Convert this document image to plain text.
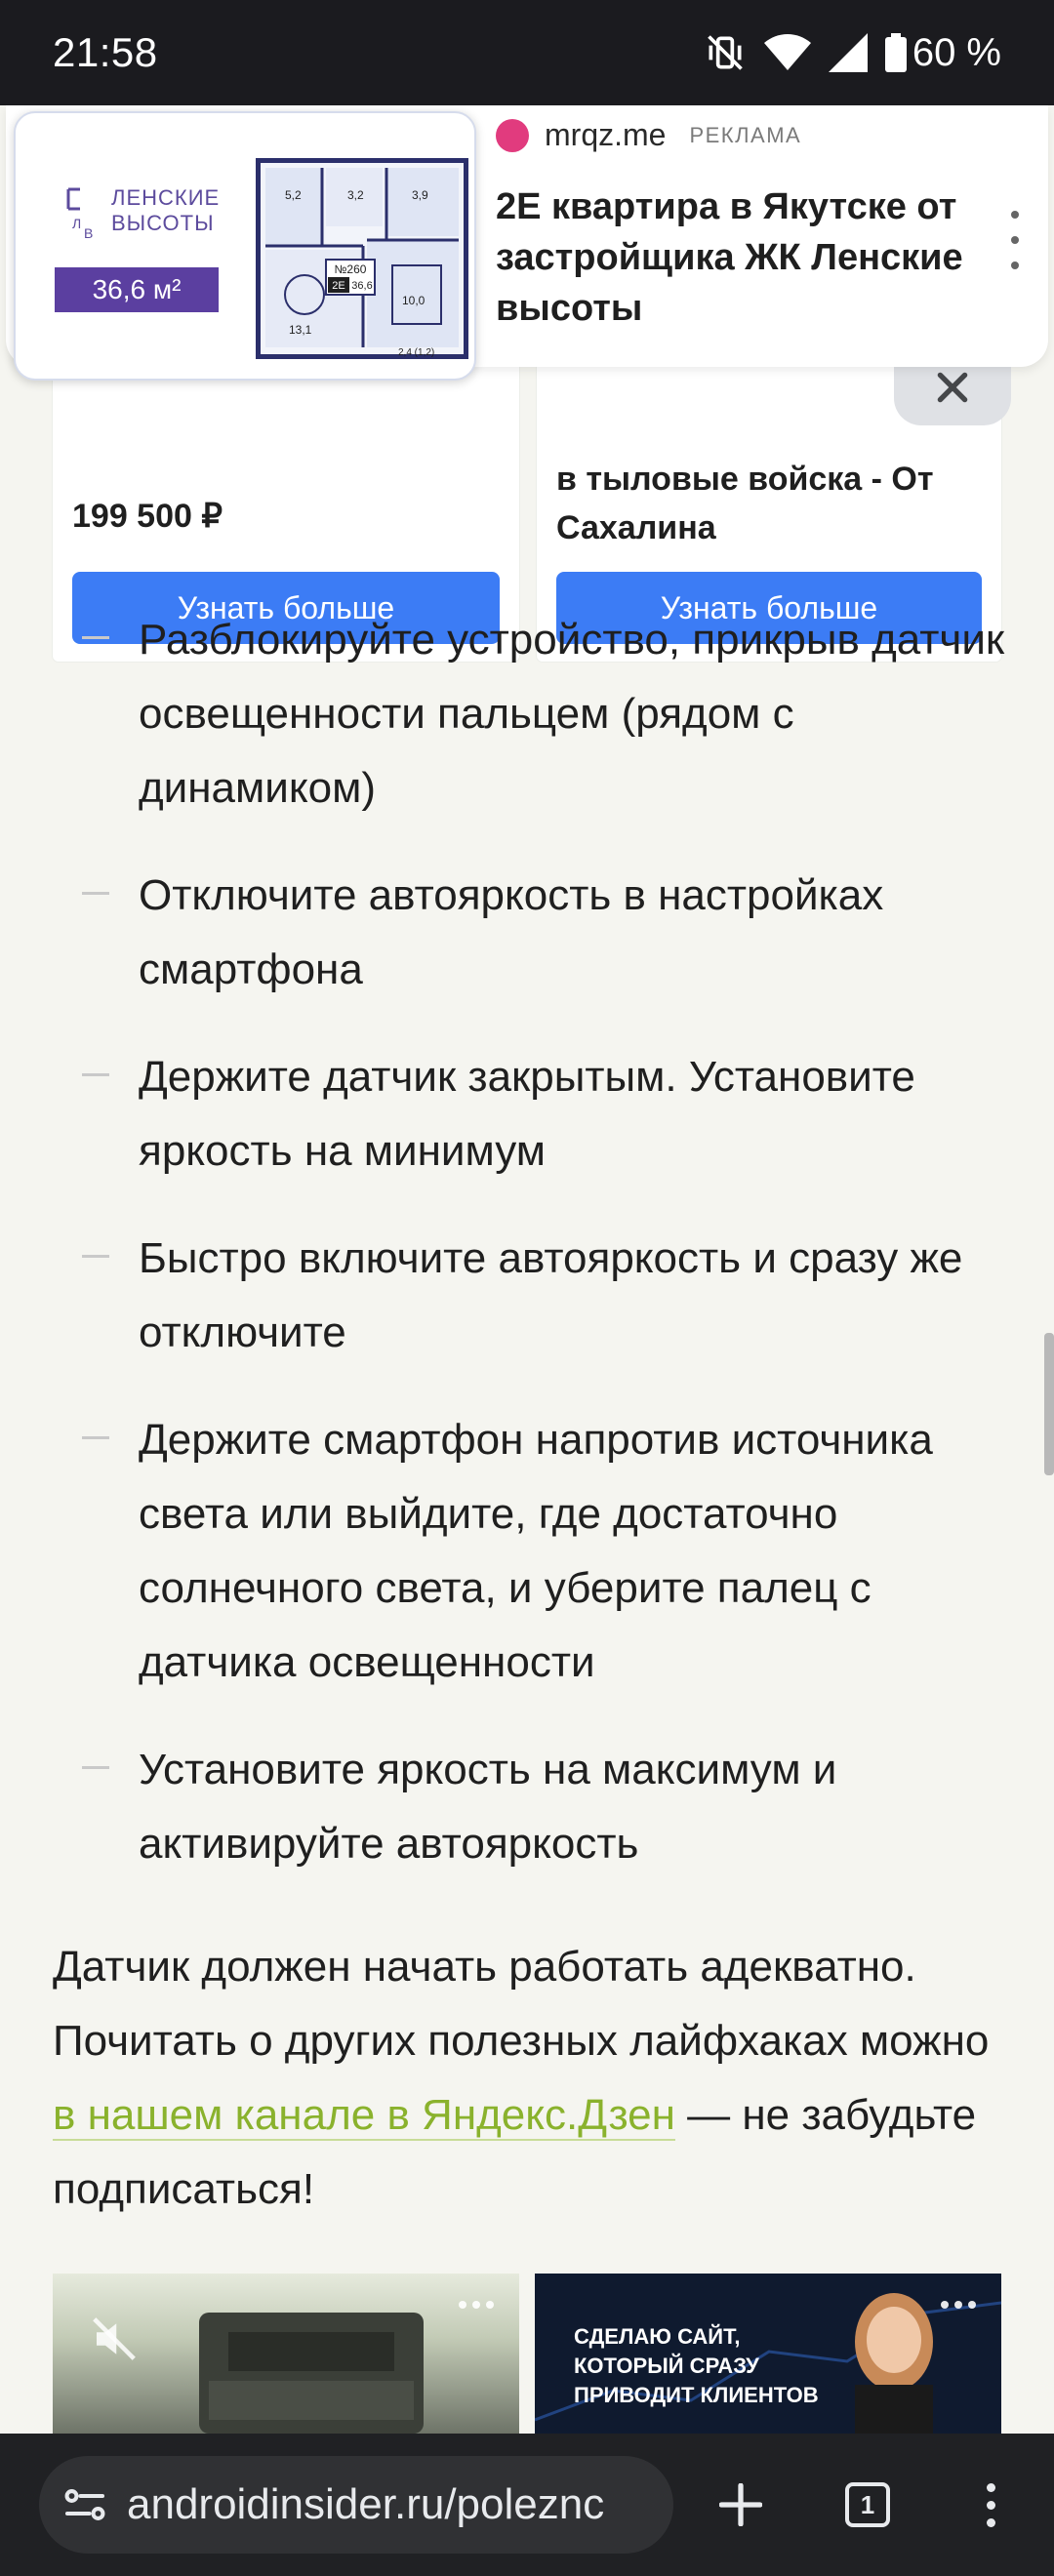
21:58	60 %
199 500 ₽
Узнать больше
в тыловые войска - От Сахалина
Узнать больше
Л
В
ЛЕНСКИЕ ВЫСОТЫ
36,6 м²
№260
2Е 36,6
5,2	3,2	3,9
13,1
10,0
2,4 (1,2)
mrqz.me РЕКЛАМА
2Е квартира в Якутске от застройщика ЖК Ленские высоты
Разблокируйте устройство, прикрыв датчик освещенности пальцем (рядом с динамиком)
Отключите автояркость в настройках смартфона
Держите датчик закрытым. Установите яркость на минимум
Быстро включите автояркость и сразу же отключите
Держите смартфон напротив источника света или выйдите, где достаточно солнечного света, и уберите палец с датчика освещенности
Установите яркость на максимум и активируйте автояркость
Датчик должен начать работать адекватно. Почитать о других полезных лайфхаках можно в нашем канале в Яндекс.Дзен — не забудьте подписаться!
СДЕЛАЮ САЙТ, КОТОРЫЙ СРАЗУ ПРИВОДИТ КЛИЕНТОВ
androidinsider.ru/poleznc	1
